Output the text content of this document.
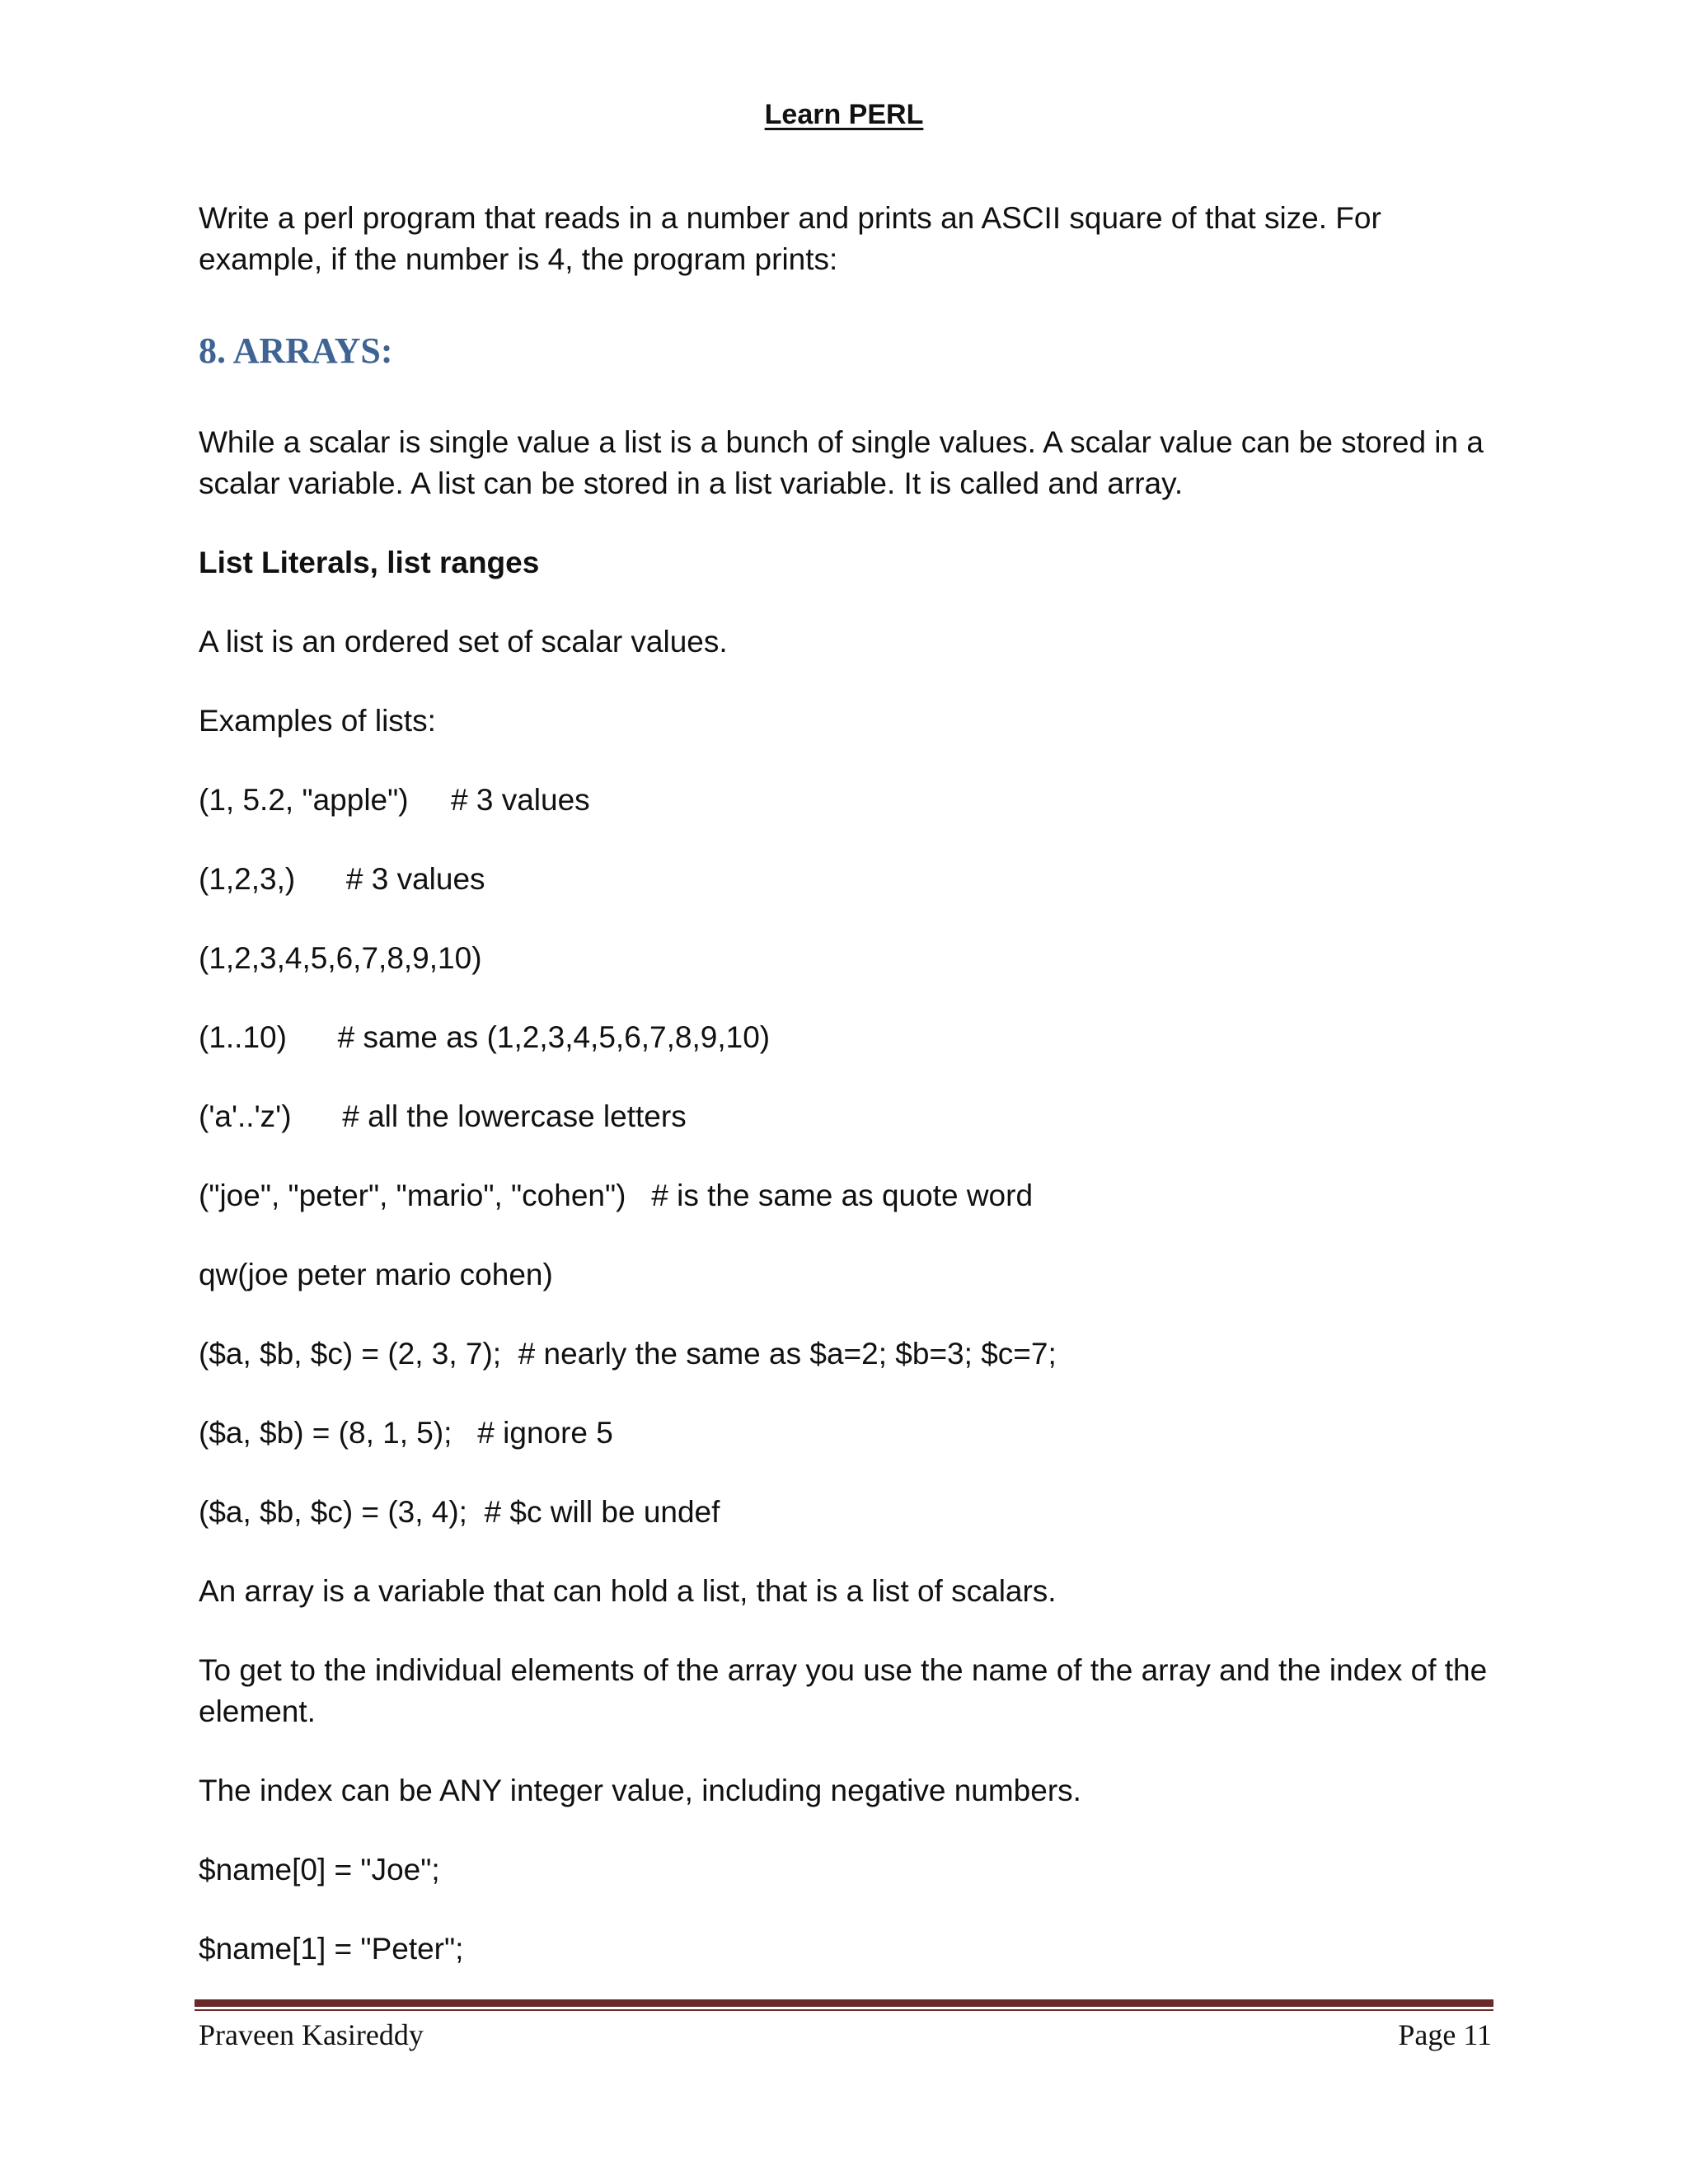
Learn PERL

Write a perl program that reads in a number and prints an ASCII square of that size. For example, if the number is 4, the program prints:

8. ARRAYS:

While a scalar is single value a list is a bunch of single values. A scalar value can be stored in a scalar variable. A list can be stored in a list variable. It is called and array.

List Literals, list ranges

A list is an ordered set of scalar values.

Examples of lists:

(1, 5.2, "apple")     # 3 values
(1,2,3,)      # 3 values
(1,2,3,4,5,6,7,8,9,10)
(1..10)      # same as (1,2,3,4,5,6,7,8,9,10)
('a'..'z')      # all the lowercase letters
("joe", "peter", "mario", "cohen")   # is the same as quote word
qw(joe peter mario cohen)
($a, $b, $c) = (2, 3, 7);  # nearly the same as $a=2; $b=3; $c=7;
($a, $b) = (8, 1, 5);   # ignore 5
($a, $b, $c) = (3, 4);  # $c will be undef

An array is a variable that can hold a list, that is a list of scalars.

To get to the individual elements of the array you use the name of the array and the index of the element.

The index can be ANY integer value, including negative numbers.

$name[0] = "Joe";
$name[1] = "Peter";
Praveen Kasireddy	Page 11
